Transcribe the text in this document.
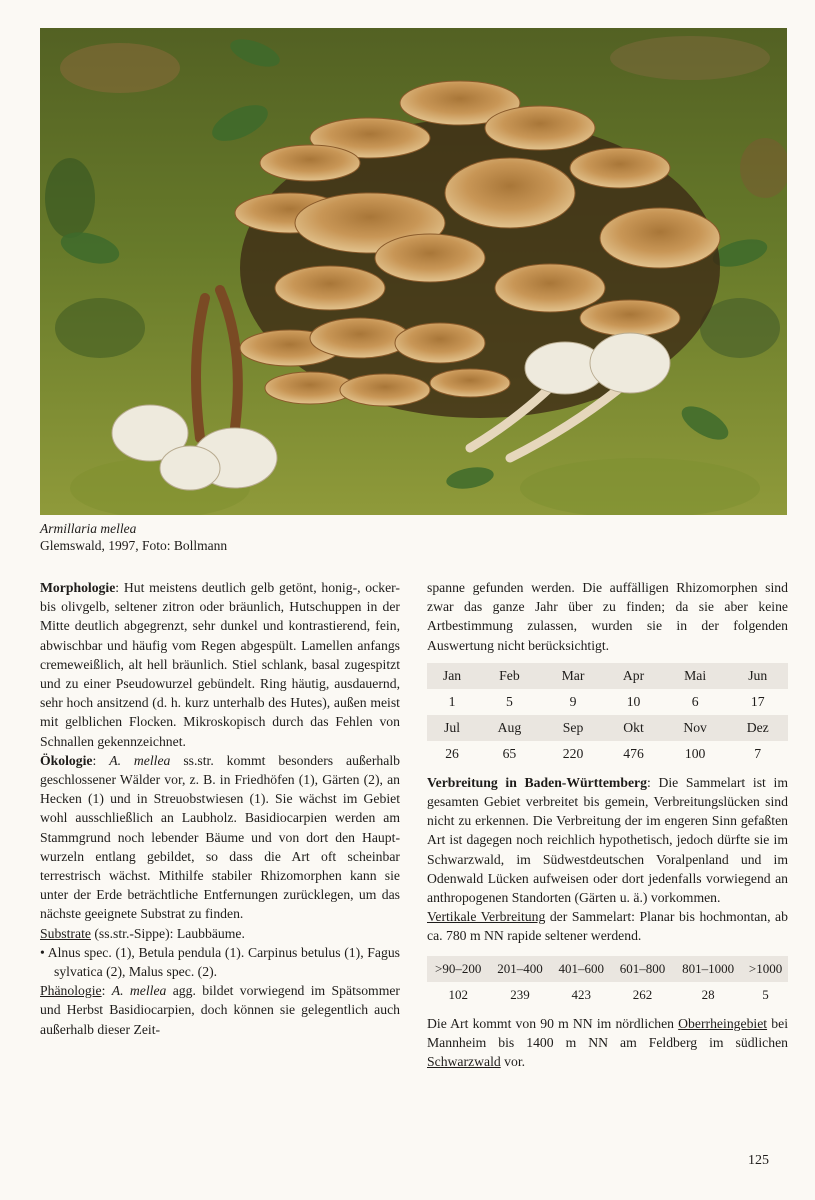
Armillaria mellea
Glemswald, 1997, Foto: Bollmann

Morphologie: Hut meistens deutlich gelb getönt, honig-, ocker- bis olivgelb, seltener zitron oder bräunlich, Hutschuppen in der Mitte deutlich abgegrenzt, sehr dunkel und kontrastierend, fein, abwischbar und häufig vom Regen abgespült. Lamellen anfangs cremeweißlich, alt hell bräunlich. Stiel schlank, basal zugespitzt und zu einer Pseudowurzel gebündelt. Ring häutig, ausdauernd, sehr hoch ansitzend (d. h. kurz unterhalb des Hutes), außen meist mit gelblichen Flocken. Mikroskopisch durch das Fehlen von Schnallen gekennzeichnet.

Ökologie: A. mellea ss.str. kommt besonders außerhalb geschlossener Wälder vor, z. B. in Friedhöfen (1), Gärten (2), an Hecken (1) und in Streuobstwiesen (1). Sie wächst im Gebiet wohl ausschließlich an Laubholz. Basidiocarpien werden am Stammgrund noch lebender Bäume und von dort den Hauptwurzeln entlang gebildet, so dass die Art oft scheinbar terrestrisch wächst. Mithilfe stabiler Rhizomorphen kann sie unter der Erde beträchtliche Entfernungen zurücklegen, um das nächste geeignete Substrat zu finden.

Substrate (ss.str.-Sippe): Laubbäume.

• Alnus spec. (1), Betula pendula (1). Carpinus betulus (1), Fagus sylvatica (2), Malus spec. (2).

Phänologie: A. mellea agg. bildet vorwiegend im Spätsommer und Herbst Basidiocarpien, doch können sie gelegentlich auch außerhalb dieser Zeit-

spanne gefunden werden. Die auffälligen Rhizomorphen sind zwar das ganze Jahr über zu finden; da sie aber keine Artbestimmung zulassen, wurden sie in der folgenden Auswertung nicht berücksichtigt.

Jan	Feb	Mar	Apr	Mai	Jun
1	5	9	10	6	17
Jul	Aug	Sep	Okt	Nov	Dez
26	65	220	476	100	7

Verbreitung in Baden-Württemberg: Die Sammelart ist im gesamten Gebiet verbreitet bis gemein, Verbreitungslücken sind nicht zu erkennen. Die Verbreitung der im engeren Sinn gefaßten Art ist dagegen noch reichlich hypothetisch, jedoch dürfte sie im Schwarzwald, im Südwestdeutschen Voralpenland und im Odenwald Lücken aufweisen oder dort jedenfalls vorwiegend an anthropogenen Standorten (Gärten u. ä.) vorkommen.

Vertikale Verbreitung der Sammelart: Planar bis hochmontan, ab ca. 780 m NN rapide seltener werdend.

>90–200	201–400	401–600	601–800	801–1000	>1000
102	239	423	262	28	5

Die Art kommt von 90 m NN im nördlichen Oberrheingebiet bei Mannheim bis 1400 m NN am Feldberg im südlichen Schwarzwald vor.

125
